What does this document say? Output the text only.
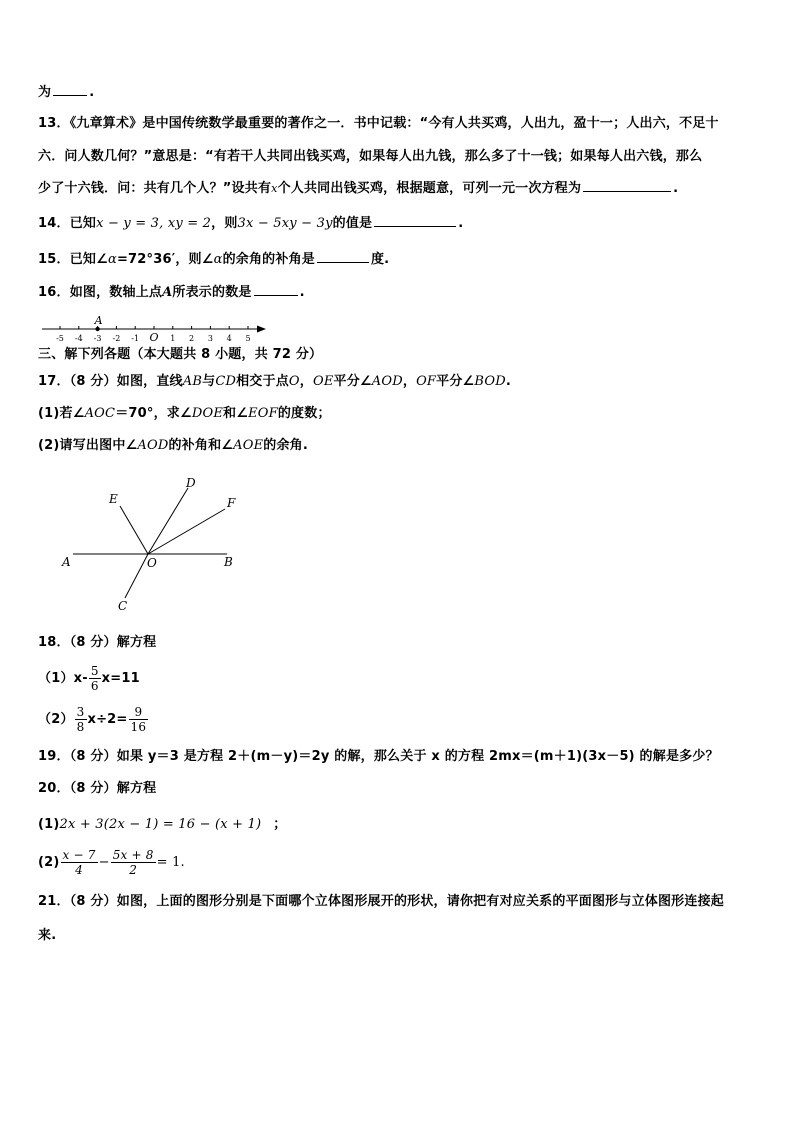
为	.
13．《九章算术》是中国传统数学最重要的著作之一．书中记载：“今有人共买鸡，人出九，盈十一；人出六，不足十
六．问人数几何？”意思是：“有若干人共同出钱买鸡，如果每人出九钱，那么多了十一钱；如果每人出六钱，那么
少了十六钱．问：共有几个人？”设共有x个人共同出钱买鸡，根据题意，可列一元一次方程为	.
14．已知x − y = 3, xy = 2，则3x − 5xy − 3y的值是	.
15．已知∠α=72°36′，则∠α的余角的补角是	度.
16．如图，数轴上点A所表示的数是	.
-5 -4 -3 -2 -1 O 1 2 3 4 5
A
三、解下列各题（本大题共 8 小题，共 72 分）
17．（8 分）如图，直线AB与CD相交于点O，OE平分∠AOD，OF平分∠BOD.
(1)若∠AOC＝70°，求∠DOE和∠EOF的度数；
(2)请写出图中∠AOD的补角和∠AOE的余角.
E
D
F
A	O	B
C
18．（8 分）解方程
$(1)x- \frac{5}{6} x=11$
$(2) \frac{3}{8} x\div 2= \frac{9}{16}$
19．（8 分）如果 y＝3 是方程 2＋(m－y)＝2y 的解，那么关于 x 的方程 2mx＝(m＋1)(3x－5) 的解是多少？
20．（8 分）解方程
(1)2x + 3(2x − 1) = 16 − (x + 1) ；
$(2) \frac{x - 7}{4} - \frac{5x + 8}{2} = 1$.
21．（8 分）如图，上面的图形分别是下面哪个立体图形展开的形状，请你把有对应关系的平面图形与立体图形连接起
来.
